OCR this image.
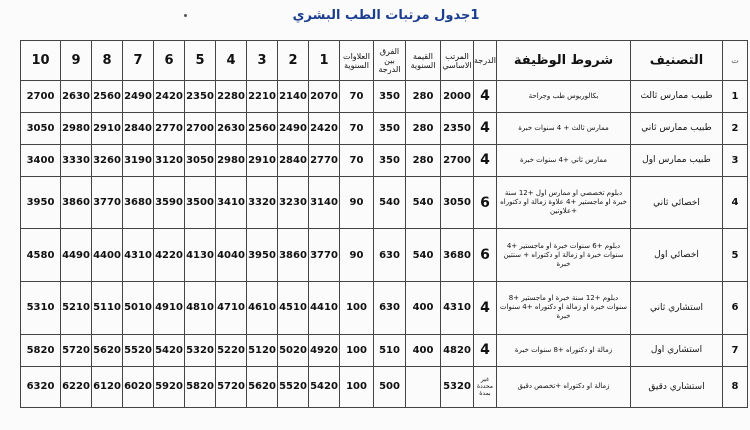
1جدول مرتبات الطب البشري
ت	التصنيف	شروط الوظيفة	الدرجة	المرتب الاساسي	القيمة السنوية	الفرق بين الدرجة	العلاوات السنوية	1	2	3	4	5	6	7	8	9	10
1	طبيب ممارس ثالث	بكالوريوس طب وجراحة	4	2000	280	350	70	2070	2140	2210	2280	2350	2420	2490	2560	2630	2700
2	طبيب ممارس ثاني	ممارس ثالث + 4 سنوات خبرة	4	2350	280	350	70	2420	2490	2560	2630	2700	2770	2840	2910	2980	3050
3	طبيب ممارس اول	ممارس ثاني +4 سنوات خبرة	4	2700	280	350	70	2770	2840	2910	2980	3050	3120	3190	3260	3330	3400
4	اخصائي ثاني	دبلوم تخصصي او ممارس اول +12 سنة خبرة او ماجستير +4 علاوة زمالة او دكتوراه +علاوتين	6	3050	540	540	90	3140	3230	3320	3410	3500	3590	3680	3770	3860	3950
5	اخصائي اول	دبلوم +6 سنوات خبرة او ماجستير +4 سنوات خبرة او زمالة او دكتوراه + سنتين خبرة	6	3680	540	630	90	3770	3860	3950	4040	4130	4220	4310	4400	4490	4580
6	استشاري ثاني	دبلوم +12 سنة خبرة او ماجستير +8 سنوات خبرة او زمالة او دكتوراه +4 سنوات خبرة	4	4310	400	630	100	4410	4510	4610	4710	4810	4910	5010	5110	5210	5310
7	استشاري اول	زمالة او دكتوراه +8 سنوات خبرة	4	4820	400	510	100	4920	5020	5120	5220	5320	5420	5520	5620	5720	5820
8	استشاري دقيق	زمالة او دكتوراه +تخصص دقيق	غير محددة بمدة	5320		500	100	5420	5520	5620	5720	5820	5920	6020	6120	6220	6320
